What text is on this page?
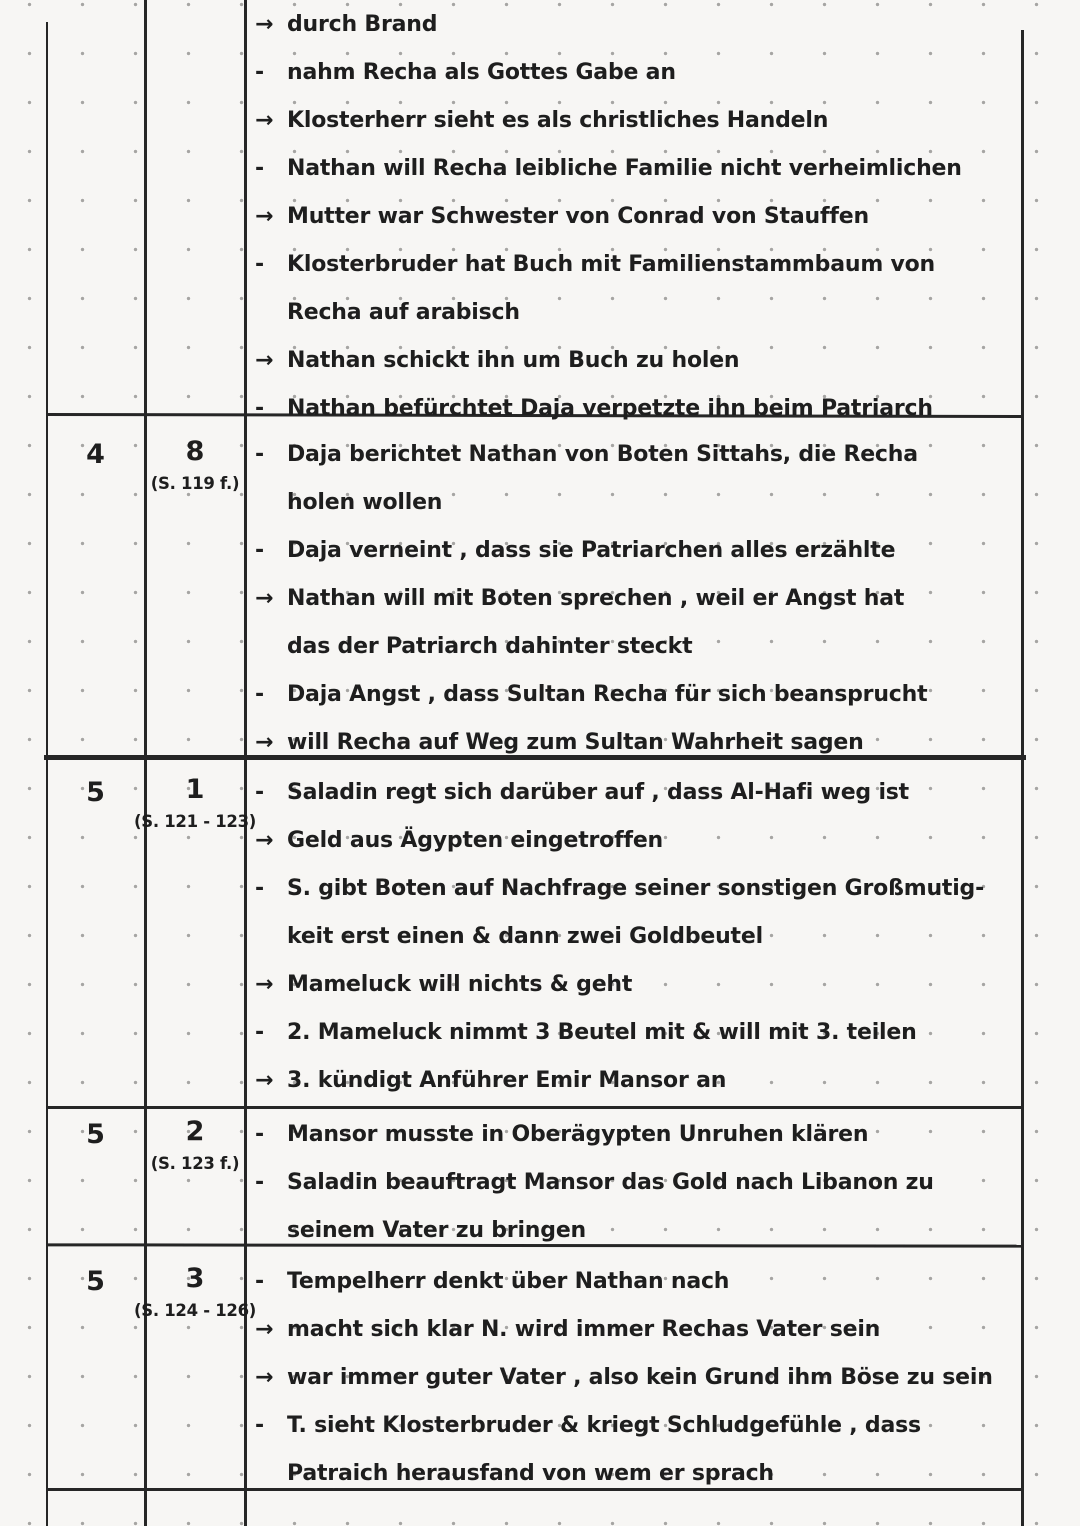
→ durch Brand
-	nahm Recha als Gottes Gabe an
→ Klosterherr sieht es als christliches Handeln
-	Nathan will Recha leibliche Familie nicht verheimlichen
→ Mutter war Schwester von Conrad von Stauffen
-	Klosterbruder hat Buch mit Familienstammbaum von
Recha auf arabisch
→ Nathan schickt ihn um Buch zu holen
-	Nathan befürchtet Daja verpetzte ihn beim Patriarch
4	8
(S. 119 f.)
-	Daja berichtet Nathan von Boten Sittahs, die Recha
holen wollen
-	Daja verneint , dass sie Patriarchen alles erzählte
→ Nathan will mit Boten sprechen , weil er Angst hat
das der Patriarch dahinter steckt
-	Daja Angst , dass Sultan Recha für sich beansprucht
→ will Recha auf Weg zum Sultan Wahrheit sagen
5	1
(S. 121 - 123)
-	Saladin regt sich darüber auf , dass Al-Hafi weg ist
→ Geld aus Ägypten eingetroffen
-	S. gibt Boten auf Nachfrage seiner sonstigen Großmutig-
keit erst einen & dann zwei Goldbeutel
→ Mameluck will nichts & geht
-	2. Mameluck nimmt 3 Beutel mit & will mit 3. teilen
→ 3. kündigt Anführer Emir Mansor an
5	2
(S. 123 f.)
-	Mansor musste in Oberägypten Unruhen klären
-	Saladin beauftragt Mansor das Gold nach Libanon zu
seinem Vater zu bringen
5	3
(S. 124 - 126)
-	Tempelherr denkt über Nathan nach
→ macht sich klar N. wird immer Rechas Vater sein
→ war immer guter Vater , also kein Grund ihm Böse zu sein
-	T. sieht Klosterbruder & kriegt Schludgefühle , dass
Patraich herausfand von wem er sprach
